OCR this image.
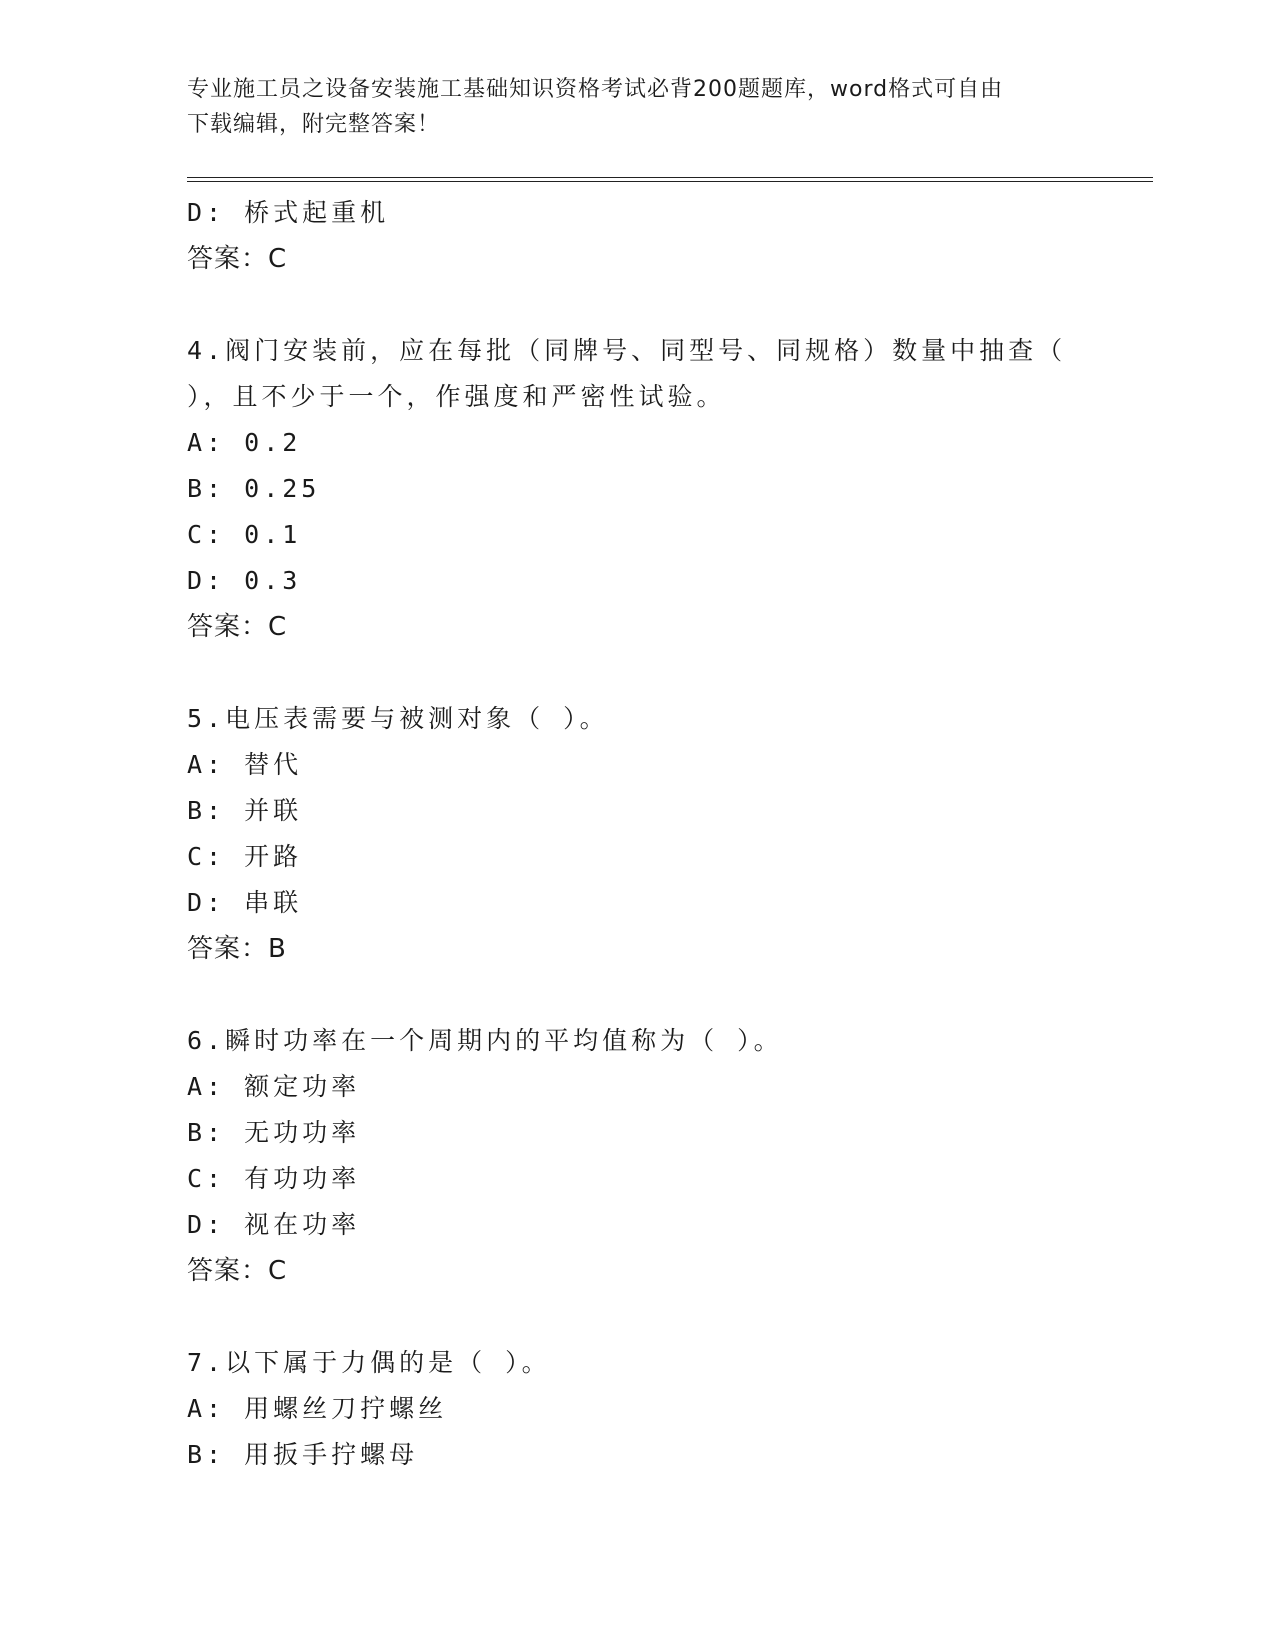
专业施工员之设备安装施工基础知识资格考试必背200题题库，word格式可自由
下载编辑，附完整答案！
D: 桥式起重机
答案：C
4.阀门安装前，应在每批（同牌号、同型号、同规格）数量中抽查（
），且不少于一个，作强度和严密性试验。
A: 0.2
B: 0.25
C: 0.1
D: 0.3
答案：C
5.电压表需要与被测对象（ ）。
A: 替代
B: 并联
C: 开路
D: 串联
答案：B
6.瞬时功率在一个周期内的平均值称为（ ）。
A: 额定功率
B: 无功功率
C: 有功功率
D: 视在功率
答案：C
7.以下属于力偶的是（ ）。
A: 用螺丝刀拧螺丝
B: 用扳手拧螺母
